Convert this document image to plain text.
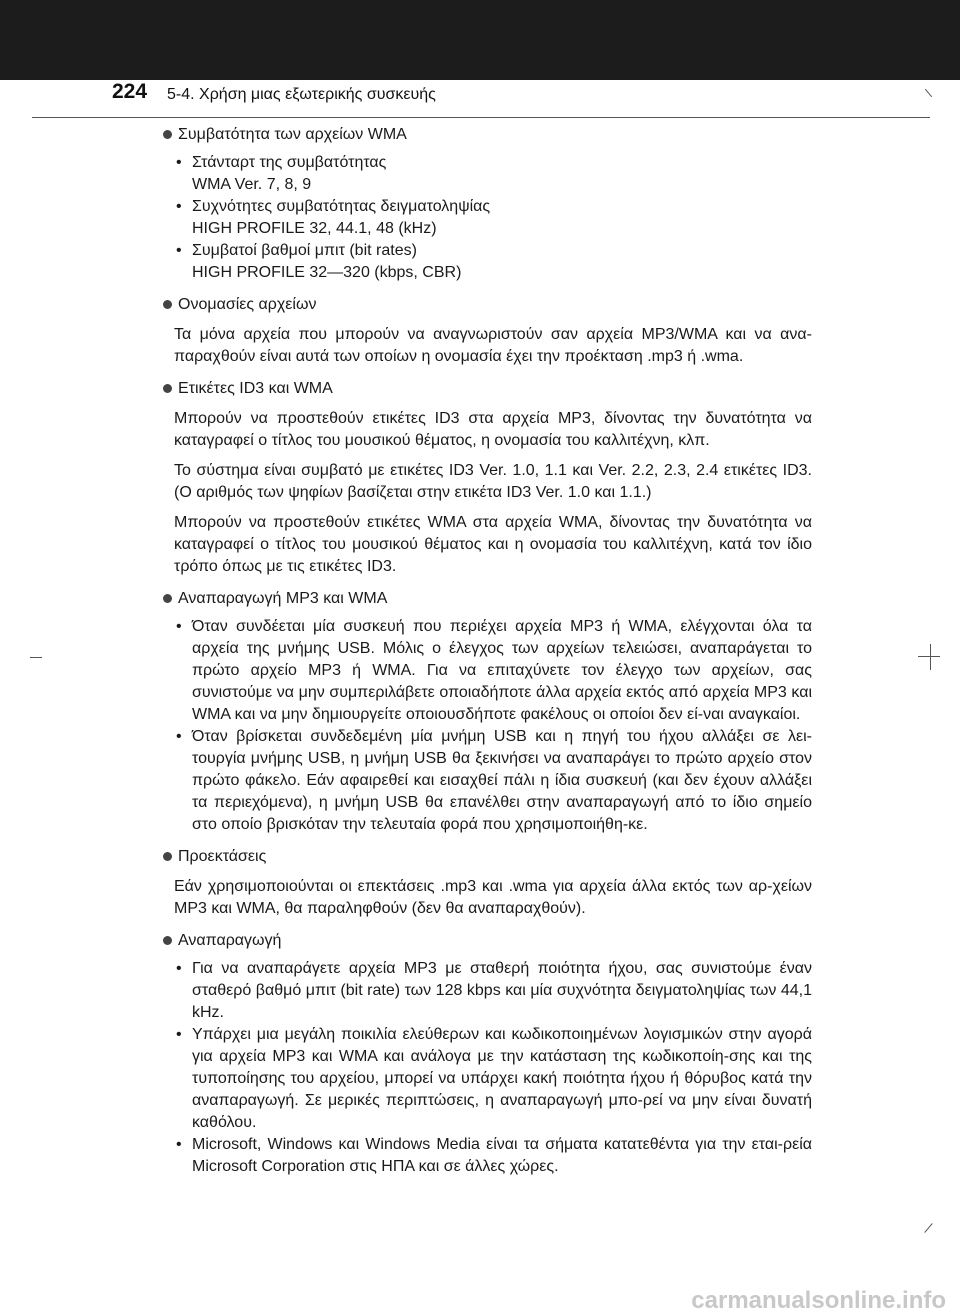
224 5-4. Χρήση μιας εξωτερικής συσκευής
Συμβατότητα των αρχείων WMA
• Στάνταρτ της συμβατότητας
WMA Ver. 7, 8, 9
• Συχνότητες συμβατότητας δειγματοληψίας
HIGH PROFILE 32, 44.1, 48 (kHz)
• Συμβατοί βαθμοί μπιτ (bit rates)
HIGH PROFILE 32—320 (kbps, CBR)
Ονομασίες αρχείων
Τα μόνα αρχεία που μπορούν να αναγνωριστούν σαν αρχεία MP3/WMA και να ανα-παραχθούν είναι αυτά των οποίων η ονομασία έχει την προέκταση .mp3 ή .wma.
Ετικέτες ID3 και WMA
Μπορούν να προστεθούν ετικέτες ID3 στα αρχεία MP3, δίνοντας την δυνατότητα να καταγραφεί ο τίτλος του μουσικού θέματος, η ονομασία του καλλιτέχνη, κλπ.
Το σύστημα είναι συμβατό με ετικέτες ID3 Ver. 1.0, 1.1 και Ver. 2.2, 2.3, 2.4 ετικέτες ID3. (Ο αριθμός των ψηφίων βασίζεται στην ετικέτα ID3 Ver. 1.0 και 1.1.)
Μπορούν να προστεθούν ετικέτες WMA στα αρχεία WMA, δίνοντας την δυνατότητα να καταγραφεί ο τίτλος του μουσικού θέματος και η ονομασία του καλλιτέχνη, κατά τον ίδιο τρόπο όπως με τις ετικέτες ID3.
Αναπαραγωγή MP3 και WMA
• Όταν συνδέεται μία συσκευή που περιέχει αρχεία MP3 ή WMA, ελέγχονται όλα τα αρχεία της μνήμης USB. Μόλις ο έλεγχος των αρχείων τελειώσει, αναπαράγεται το πρώτο αρχείο MP3 ή WMA. Για να επιταχύνετε τον έλεγχο των αρχείων, σας συνιστούμε να μην συμπεριλάβετε οποιαδήποτε άλλα αρχεία εκτός από αρχεία MP3 και WMA και να μην δημιουργείτε οποιουσδήποτε φακέλους οι οποίοι δεν εί-ναι αναγκαίοι.
• Όταν βρίσκεται συνδεδεμένη μία μνήμη USB και η πηγή του ήχου αλλάξει σε λει-τουργία μνήμης USB, η μνήμη USB θα ξεκινήσει να αναπαράγει το πρώτο αρχείο στον πρώτο φάκελο. Εάν αφαιρεθεί και εισαχθεί πάλι η ίδια συσκευή (και δεν έχουν αλλάξει τα περιεχόμενα), η μνήμη USB θα επανέλθει στην αναπαραγωγή από το ίδιο σημείο στο οποίο βρισκόταν την τελευταία φορά που χρησιμοποιήθη-κε.
Προεκτάσεις
Εάν χρησιμοποιούνται οι επεκτάσεις .mp3 και .wma για αρχεία άλλα εκτός των αρ-χείων MP3 και WMA, θα παραληφθούν (δεν θα αναπαραχθούν).
Αναπαραγωγή
• Για να αναπαράγετε αρχεία MP3 με σταθερή ποιότητα ήχου, σας συνιστούμε έναν σταθερό βαθμό μπιτ (bit rate) των 128 kbps και μία συχνότητα δειγματοληψίας των 44,1 kHz.
• Υπάρχει μια μεγάλη ποικιλία ελεύθερων και κωδικοποιημένων λογισμικών στην αγορά για αρχεία MP3 και WMA και ανάλογα με την κατάσταση της κωδικοποίη-σης και της τυποποίησης του αρχείου, μπορεί να υπάρχει κακή ποιότητα ήχου ή θόρυβος κατά την αναπαραγωγή. Σε μερικές περιπτώσεις, η αναπαραγωγή μπο-ρεί να μην είναι δυνατή καθόλου.
• Microsoft, Windows και Windows Media είναι τα σήματα κατατεθέντα για την εται-ρεία Microsoft Corporation στις ΗΠΑ και σε άλλες χώρες.
carmanualsonline.info
